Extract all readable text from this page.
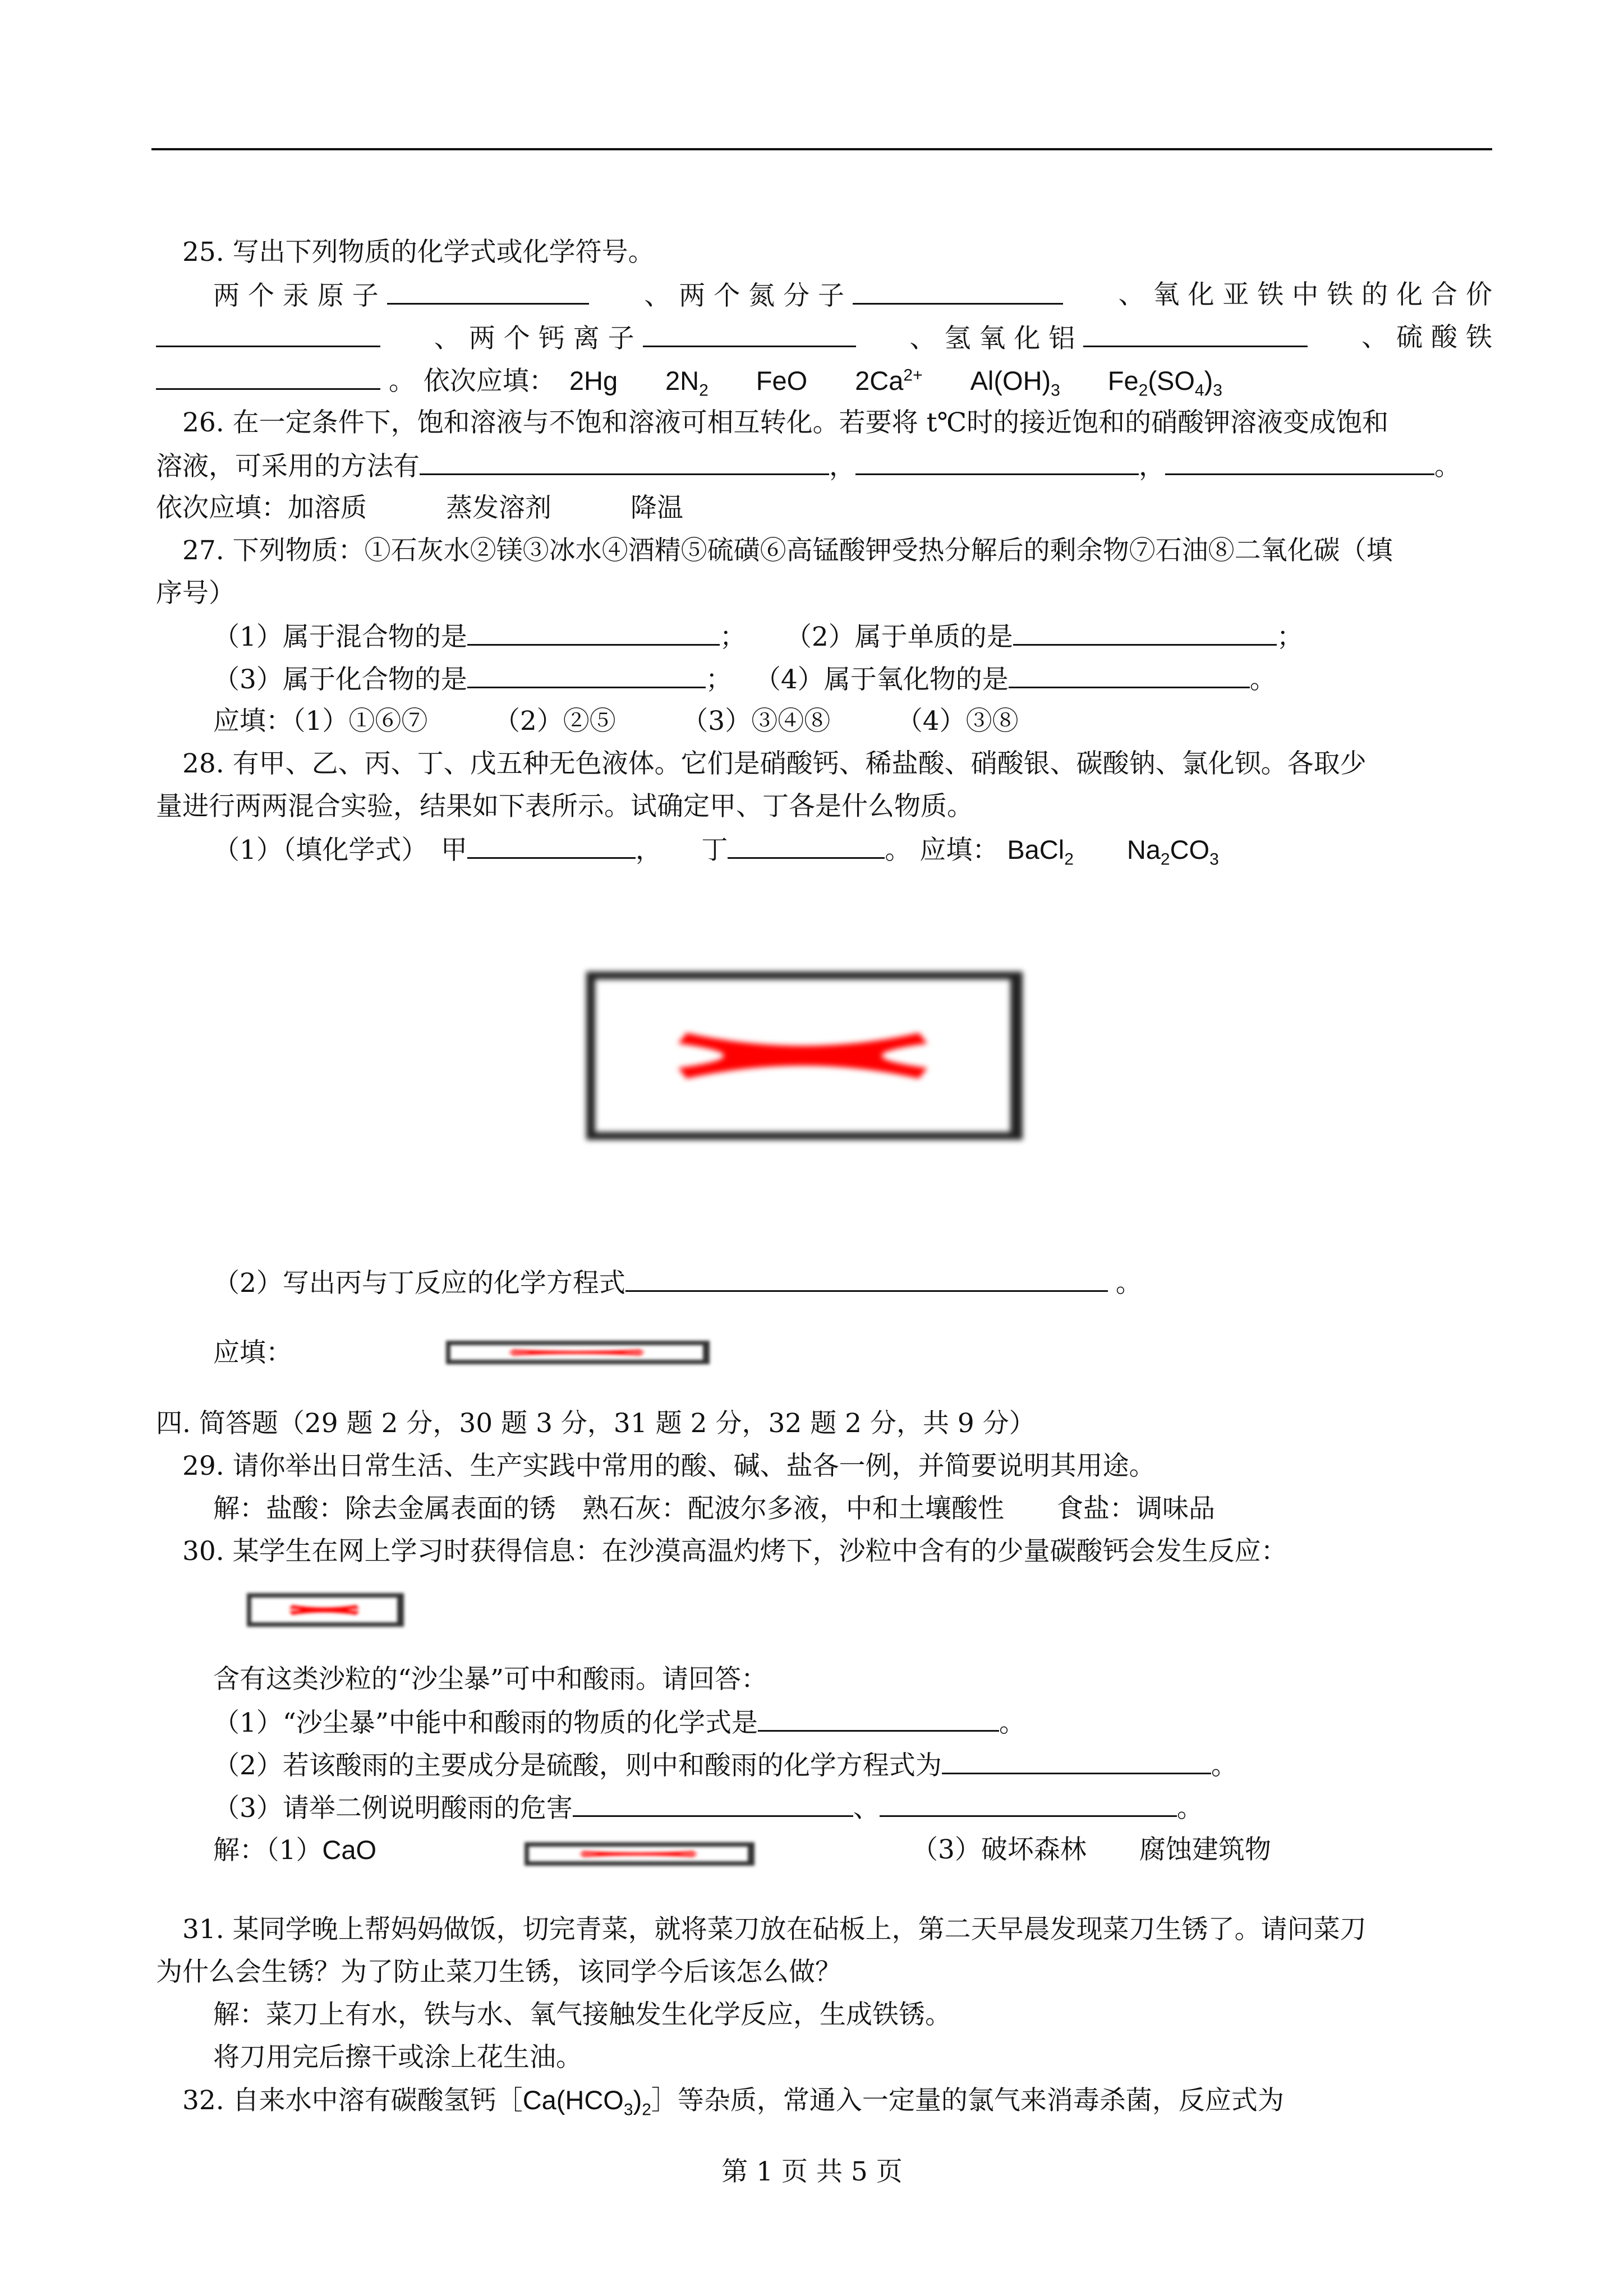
25. 写出下列物质的化学式或化学符号。
两 个 汞 原 子	、 两 个 氮 分 子	、 氧 化 亚 铁 中 铁 的 化 合 价
、 两 个 钙 离 子	、 氢 氧 化 铝	、 硫 酸 铁
。 依次应填： 2Hg $2N_2$ FeO $2Ca^{2+}$ $Al(OH)_3$ $Fe_2(SO_4)_3$
26. 在一定条件下，饱和溶液与不饱和溶液可相互转化。若要将 t℃时的接近饱和的硝酸钾溶液变成饱和
溶液，可采用的方法有	，	，	。
依次应填：加溶质　　　蒸发溶剂　　　降温
27. 下列物质：①石灰水②镁③冰水④酒精⑤硫磺⑥高锰酸钾受热分解后的剩余物⑦石油⑧二氧化碳（填
序号）
（1）属于混合物的是	； （2）属于单质的是	；
（3）属于化合物的是	； （4）属于氧化物的是	。
应填：（1）①⑥⑦　　　（2）②⑤　　　（3）③④⑧　　　（4）③⑧
28. 有甲、乙、丙、丁、戊五种无色液体。它们是硝酸钙、稀盐酸、硝酸银、碳酸钠、氯化钡。各取少
量进行两两混合实验，结果如下表所示。试确定甲、丁各是什么物质。
（1）（填化学式）　甲	，　　丁	。 应填： BaCl$_2$ $Na_2CO_3$
（2）写出丙与丁反应的化学方程式	。
应填：
四. 简答题（29 题 2 分，30 题 3 分，31 题 2 分，32 题 2 分，共 9 分）
29. 请你举出日常生活、生产实践中常用的酸、碱、盐各一例，并简要说明其用途。
解：盐酸：除去金属表面的锈　熟石灰：配波尔多液，中和土壤酸性　　食盐：调味品
30. 某学生在网上学习时获得信息：在沙漠高温灼烤下，沙粒中含有的少量碳酸钙会发生反应：
含有这类沙粒的“沙尘暴”可中和酸雨。请回答：
（1）“沙尘暴”中能中和酸雨的物质的化学式是	。
（2）若该酸雨的主要成分是硫酸，则中和酸雨的化学方程式为	。
（3）请举二例说明酸雨的危害	、	。
解：（1）CaO	（3）破坏森林　　腐蚀建筑物
31. 某同学晚上帮妈妈做饭，切完青菜，就将菜刀放在砧板上，第二天早晨发现菜刀生锈了。请问菜刀
为什么会生锈？为了防止菜刀生锈，该同学今后该怎么做？
解：菜刀上有水，铁与水、氧气接触发生化学反应，生成铁锈。
将刀用完后擦干或涂上花生油。
32. 自来水中溶有碳酸氢钙$[Ca(HCO_3)_2]$等杂质，常通入一定量的氯气来消毒杀菌，反应式为
第 1 页 共 5 页
